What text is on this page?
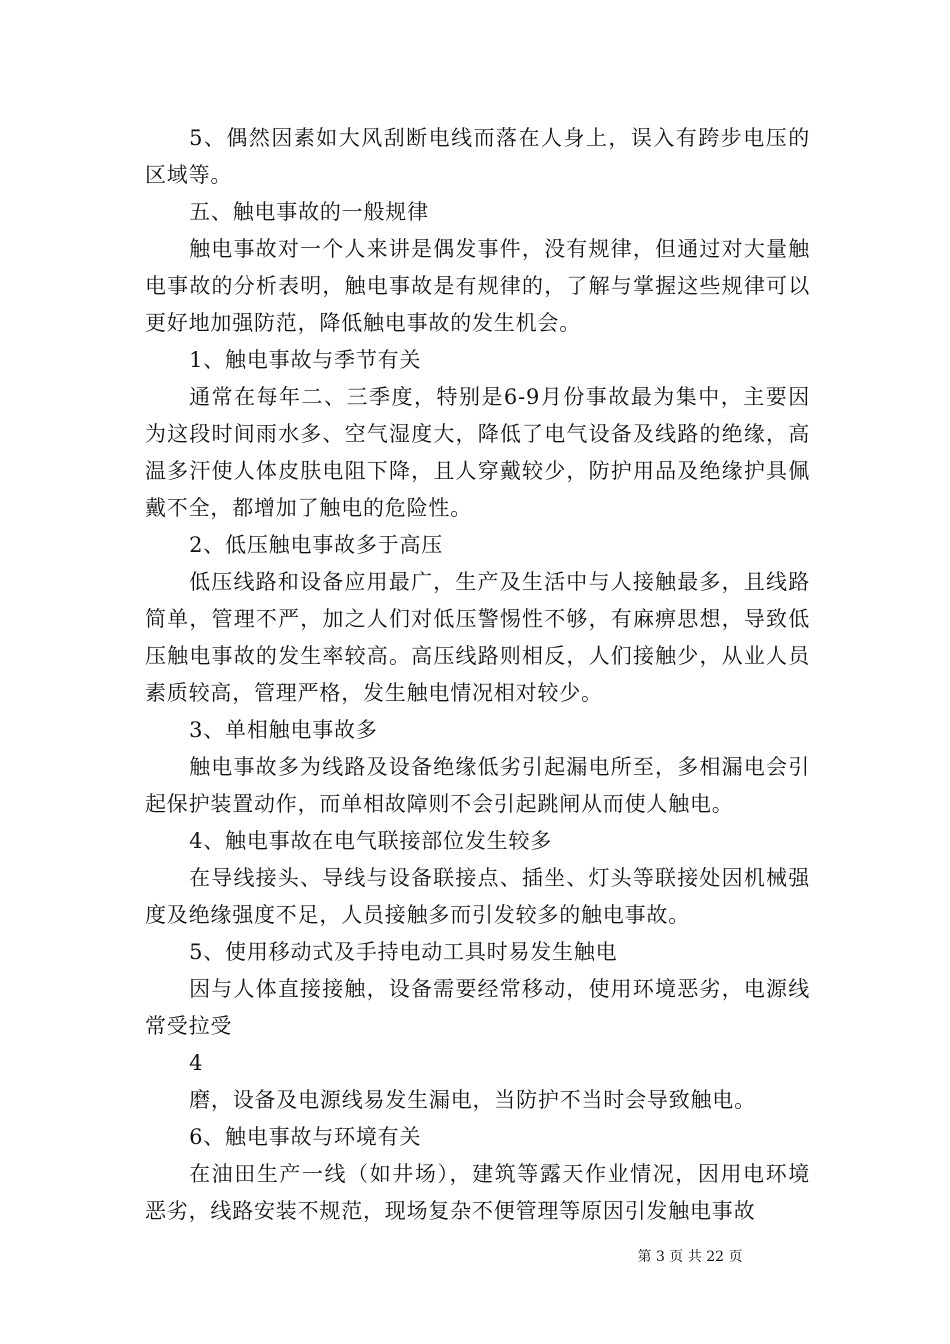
5、偶然因素如大风刮断电线而落在人身上，误入有跨步电压的区域等。

五、触电事故的一般规律

触电事故对一个人来讲是偶发事件，没有规律，但通过对大量触电事故的分析表明，触电事故是有规律的，了解与掌握这些规律可以更好地加强防范，降低触电事故的发生机会。

1、触电事故与季节有关

通常在每年二、三季度，特别是6-9月份事故最为集中，主要因为这段时间雨水多、空气湿度大，降低了电气设备及线路的绝缘，高温多汗使人体皮肤电阻下降，且人穿戴较少，防护用品及绝缘护具佩戴不全，都增加了触电的危险性。

2、低压触电事故多于高压

低压线路和设备应用最广，生产及生活中与人接触最多，且线路简单，管理不严，加之人们对低压警惕性不够，有麻痹思想，导致低压触电事故的发生率较高。高压线路则相反，人们接触少，从业人员素质较高，管理严格，发生触电情况相对较少。

3、单相触电事故多

触电事故多为线路及设备绝缘低劣引起漏电所至，多相漏电会引起保护装置动作，而单相故障则不会引起跳闸从而使人触电。

4、触电事故在电气联接部位发生较多

在导线接头、导线与设备联接点、插坐、灯头等联接处因机械强度及绝缘强度不足，人员接触多而引发较多的触电事故。

5、使用移动式及手持电动工具时易发生触电

因与人体直接接触，设备需要经常移动，使用环境恶劣，电源线常受拉受

4

磨，设备及电源线易发生漏电，当防护不当时会导致触电。

6、触电事故与环境有关

在油田生产一线（如井场），建筑等露天作业情况，因用电环境恶劣，线路安装不规范，现场复杂不便管理等原因引发触电事故

第 3 页 共 22 页
